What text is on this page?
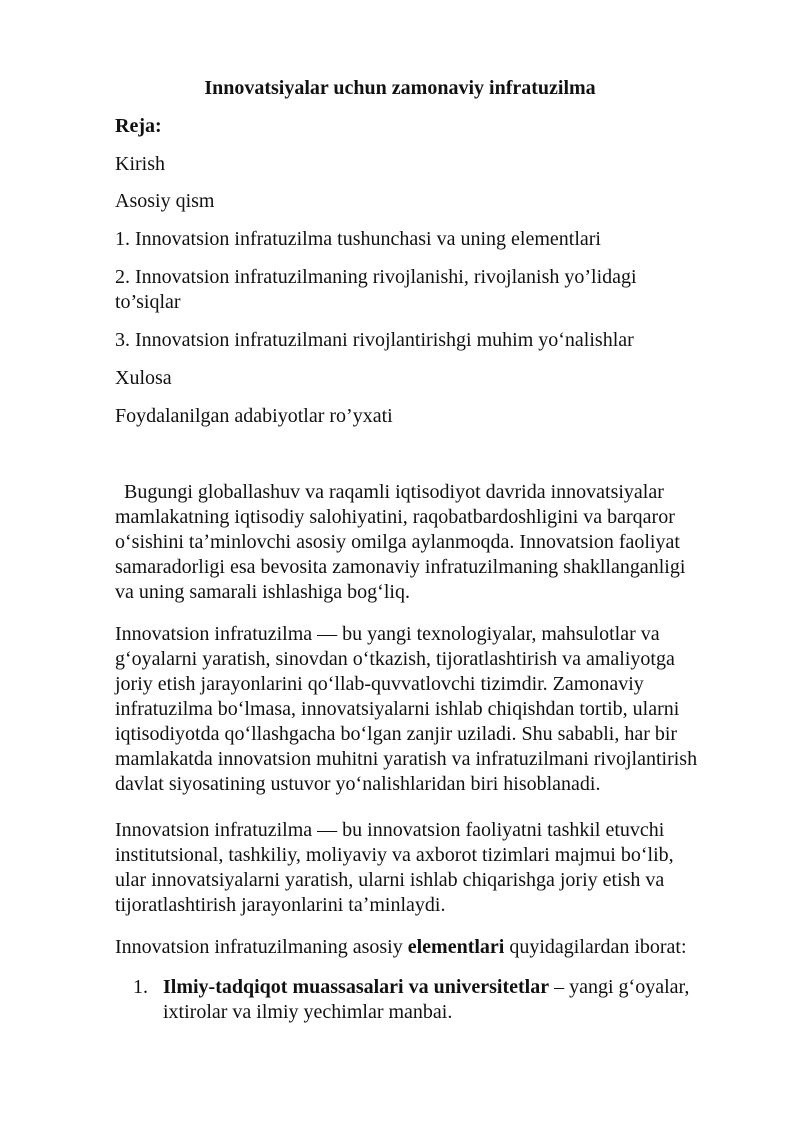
Innovatsiyalar uchun zamonaviy infratuzilma

Reja:

Kirish

Asosiy qism

1. Innovatsion infratuzilma tushunchasi va uning elementlari

2. Innovatsion infratuzilmaning rivojlanishi, rivojlanish yo’lidagi

to’siqlar

3. Innovatsion infratuzilmani rivojlantirishgi muhim yoʻnalishlar

Xulosa

Foydalanilgan adabiyotlar ro’yxati

Bugungi globallashuv va raqamli iqtisodiyot davrida innovatsiyalar

mamlakatning iqtisodiy salohiyatini, raqobatbardoshligini va barqaror

oʻsishini taʼminlovchi asosiy omilga aylanmoqda. Innovatsion faoliyat

samaradorligi esa bevosita zamonaviy infratuzilmaning shakllanganligi

va uning samarali ishlashiga bogʻliq.

Innovatsion infratuzilma — bu yangi texnologiyalar, mahsulotlar va

gʻoyalarni yaratish, sinovdan oʻtkazish, tijoratlashtirish va amaliyotga

joriy etish jarayonlarini qoʻllab-quvvatlovchi tizimdir. Zamonaviy

infratuzilma boʻlmasa, innovatsiyalarni ishlab chiqishdan tortib, ularni

iqtisodiyotda qoʻllashgacha boʻlgan zanjir uziladi. Shu sababli, har bir

mamlakatda innovatsion muhitni yaratish va infratuzilmani rivojlantirish

davlat siyosatining ustuvor yoʻnalishlaridan biri hisoblanadi.

Innovatsion infratuzilma — bu innovatsion faoliyatni tashkil etuvchi

institutsional, tashkiliy, moliyaviy va axborot tizimlari majmui boʻlib,

ular innovatsiyalarni yaratish, ularni ishlab chiqarishga joriy etish va

tijoratlashtirish jarayonlarini taʼminlaydi.

Innovatsion infratuzilmaning asosiy elementlari quyidagilardan iborat:

1. Ilmiy-tadqiqot muassasalari va universitetlar – yangi gʻoyalar,
ixtirolar va ilmiy yechimlar manbai.
